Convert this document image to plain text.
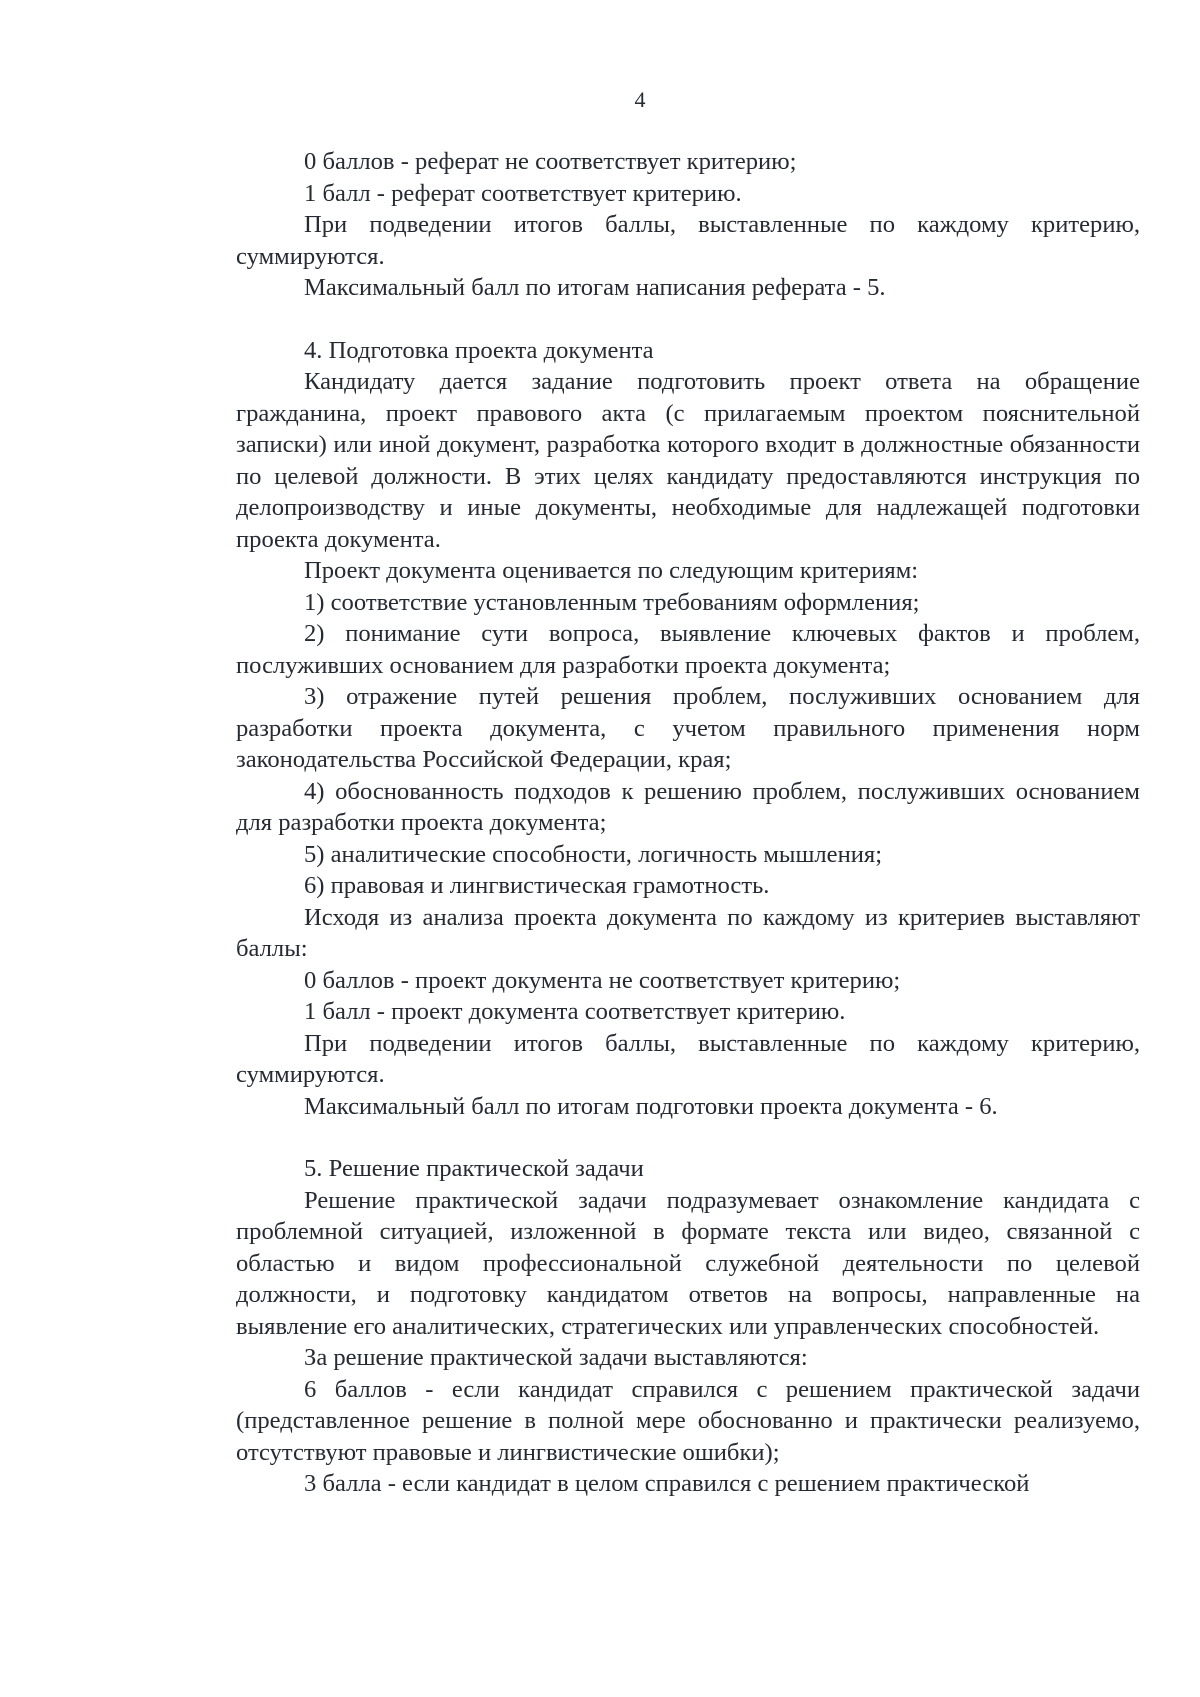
4

0 баллов - реферат не соответствует критерию;

1 балл - реферат соответствует критерию.

При подведении итогов баллы, выставленные по каждому критерию, суммируются.

Максимальный балл по итогам написания реферата - 5.

4. Подготовка проекта документа

Кандидату дается задание подготовить проект ответа на обращение гражданина, проект правового акта (с прилагаемым проектом пояснительной записки) или иной документ, разработка которого входит в должностные обязанности по целевой должности. В этих целях кандидату предоставляются инструкция по делопроизводству и иные документы, необходимые для надлежащей подготовки проекта документа.

Проект документа оценивается по следующим критериям:

1) соответствие установленным требованиям оформления;

2) понимание сути вопроса, выявление ключевых фактов и проблем, послуживших основанием для разработки проекта документа;

3) отражение путей решения проблем, послуживших основанием для разработки проекта документа, с учетом правильного применения норм законодательства Российской Федерации, края;

4) обоснованность подходов к решению проблем, послуживших основанием для разработки проекта документа;

5) аналитические способности, логичность мышления;

6) правовая и лингвистическая грамотность.

Исходя из анализа проекта документа по каждому из критериев выставляют баллы:

0 баллов - проект документа не соответствует критерию;

1 балл - проект документа соответствует критерию.

При подведении итогов баллы, выставленные по каждому критерию, суммируются.

Максимальный балл по итогам подготовки проекта документа - 6.

5. Решение практической задачи

Решение практической задачи подразумевает ознакомление кандидата с проблемной ситуацией, изложенной в формате текста или видео, связанной с областью и видом профессиональной служебной деятельности по целевой должности, и подготовку кандидатом ответов на вопросы, направленные на выявление его аналитических, стратегических или управленческих способностей.

За решение практической задачи выставляются:

6 баллов - если кандидат справился с решением практической задачи (представленное решение в полной мере обоснованно и практически реализуемо, отсутствуют правовые и лингвистические ошибки);

3 балла - если кандидат в целом справился с решением практической
